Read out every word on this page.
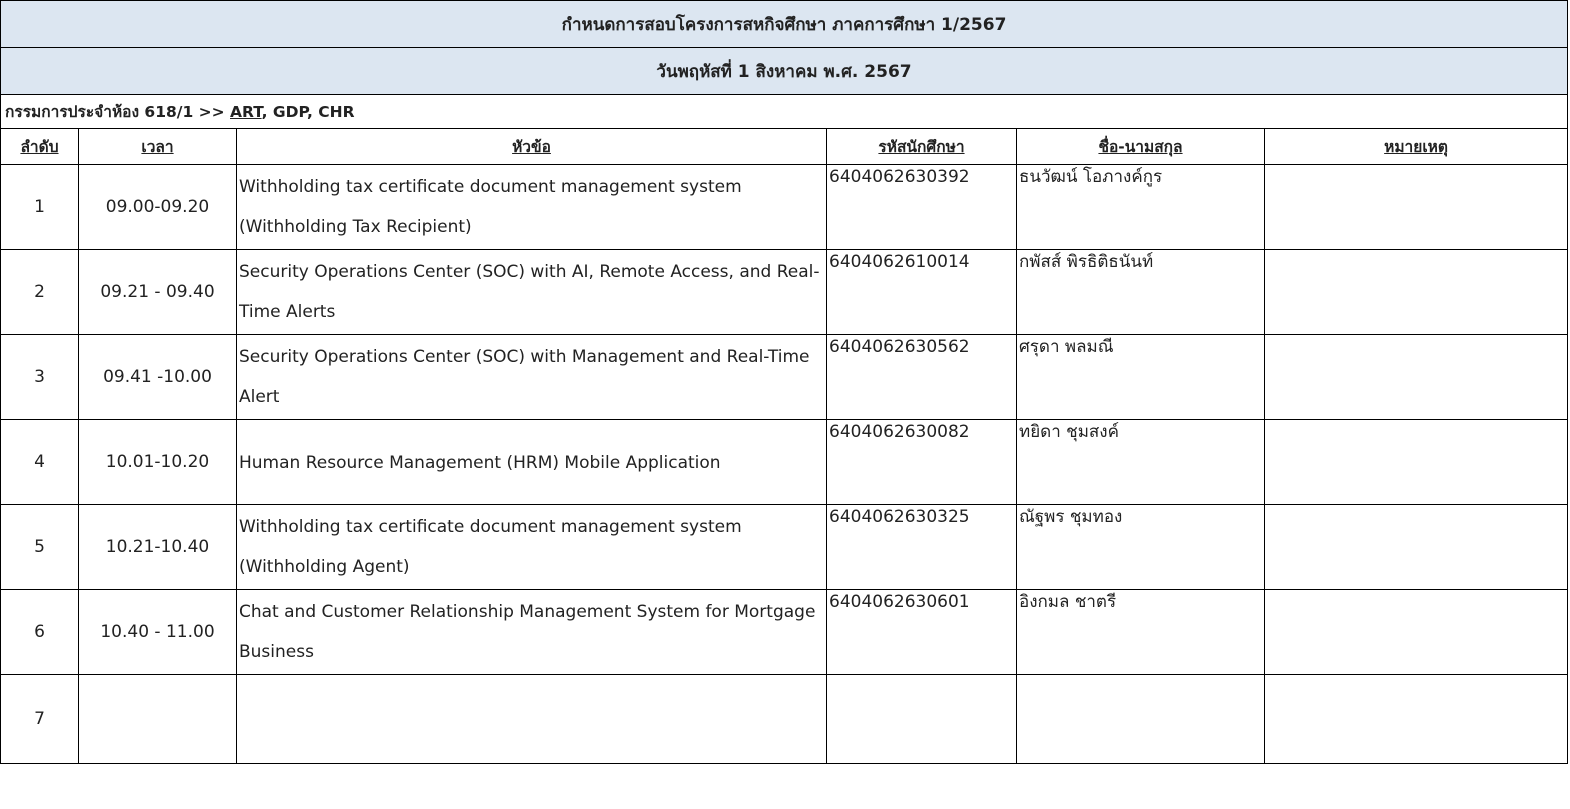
กำหนดการสอบโครงการสหกิจศึกษา ภาคการศึกษา 1/2567					
วันพฤหัสที่ 1 สิงหาคม พ.ศ. 2567					
กรรมการประจำห้อง 618/1 >> ART, GDP, CHR					
ลำดับ	เวลา	หัวข้อ	รหัสนักศึกษา	ชื่อ-นามสกุล	หมายเหตุ
1	09.00-09.20	Withholding tax certificate document management system (Withholding Tax Recipient)	6404062630392	ธนวัฒน์ โอภางค์กูร	
2	09.21 - 09.40	Security Operations Center (SOC) with AI, Remote Access, and Real-Time Alerts	6404062610014	กพัสส์ พิรธิติธนันท์	
3	09.41 -10.00	Security Operations Center (SOC) with Management and Real-Time Alert	6404062630562	ศรุดา พลมณี	
4	10.01-10.20	Human Resource Management (HRM) Mobile Application	6404062630082	ทยิดา ชุมสงค์	
5	10.21-10.40	Withholding tax certificate document management system (Withholding Agent)	6404062630325	ณัฐพร ชุมทอง	
6	10.40 - 11.00	Chat and Customer Relationship Management System for Mortgage Business	6404062630601	อิงกมล ชาตรี	
7					
